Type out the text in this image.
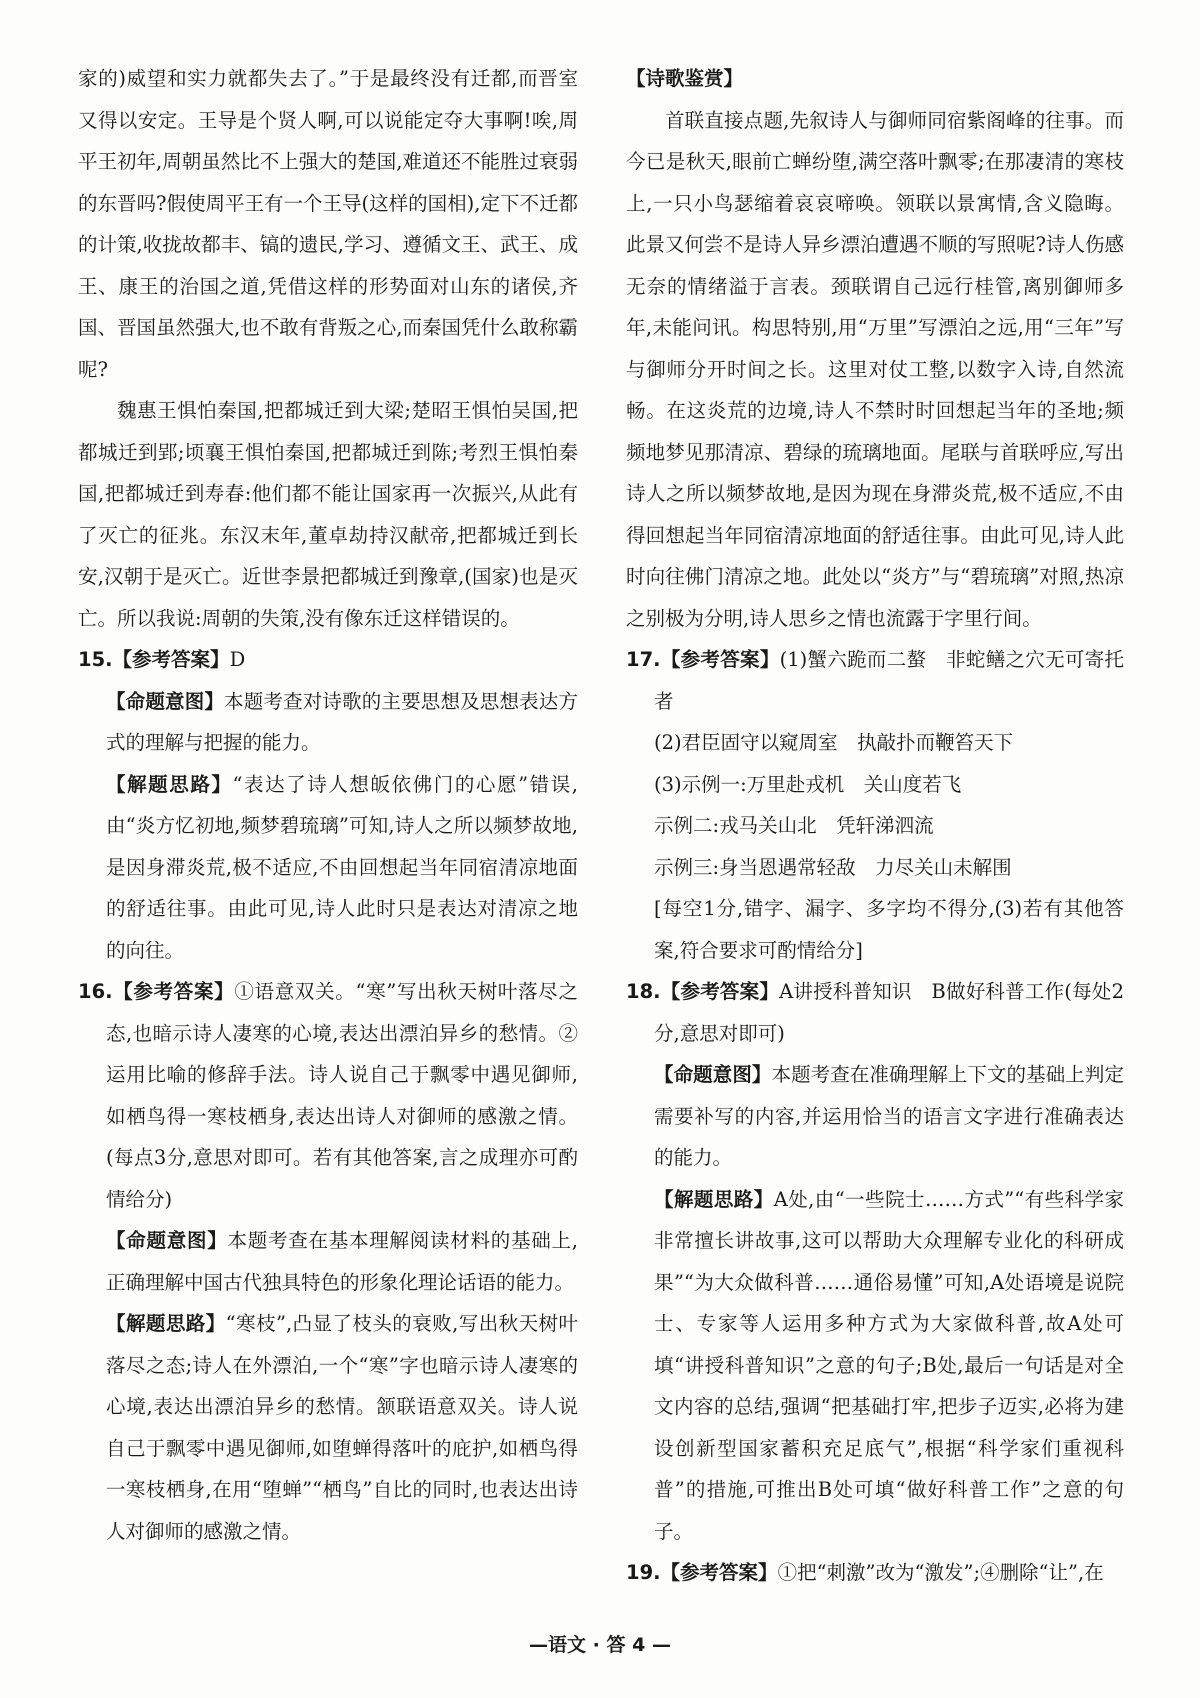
家的)威望和实力就都失去了。”于是最终没有迁都,而晋室又得以安定。王导是个贤人啊,可以说能定夺大事啊!唉,周平王初年,周朝虽然比不上强大的楚国,难道还不能胜过衰弱的东晋吗?假使周平王有一个王导(这样的国相),定下不迁都的计策,收拢故都丰、镐的遗民,学习、遵循文王、武王、成王、康王的治国之道,凭借这样的形势面对山东的诸侯,齐国、晋国虽然强大,也不敢有背叛之心,而秦国凭什么敢称霸呢?

魏惠王惧怕秦国,把都城迁到大梁;楚昭王惧怕吴国,把都城迁到郢;顷襄王惧怕秦国,把都城迁到陈;考烈王惧怕秦国,把都城迁到寿春:他们都不能让国家再一次振兴,从此有了灭亡的征兆。东汉末年,董卓劫持汉献帝,把都城迁到长安,汉朝于是灭亡。近世李景把都城迁到豫章,(国家)也是灭亡。所以我说:周朝的失策,没有像东迁这样错误的。

15.【参考答案】D

【命题意图】本题考查对诗歌的主要思想及思想表达方式的理解与把握的能力。

【解题思路】“表达了诗人想皈依佛门的心愿”错误,由“炎方忆初地,频梦碧琉璃”可知,诗人之所以频梦故地,是因身滞炎荒,极不适应,不由回想起当年同宿清凉地面的舒适往事。由此可见,诗人此时只是表达对清凉之地的向往。

16.【参考答案】①语意双关。“寒”写出秋天树叶落尽之态,也暗示诗人凄寒的心境,表达出漂泊异乡的愁情。②运用比喻的修辞手法。诗人说自己于飘零中遇见御师,如栖鸟得一寒枝栖身,表达出诗人对御师的感激之情。(每点3分,意思对即可。若有其他答案,言之成理亦可酌情给分)

【命题意图】本题考查在基本理解阅读材料的基础上,正确理解中国古代独具特色的形象化理论话语的能力。

【解题思路】“寒枝”,凸显了枝头的衰败,写出秋天树叶落尽之态;诗人在外漂泊,一个“寒”字也暗示诗人凄寒的心境,表达出漂泊异乡的愁情。颔联语意双关。诗人说自己于飘零中遇见御师,如堕蝉得落叶的庇护,如栖鸟得一寒枝栖身,在用“堕蝉”“栖鸟”自比的同时,也表达出诗人对御师的感激之情。

【诗歌鉴赏】

首联直接点题,先叙诗人与御师同宿紫阁峰的往事。而今已是秋天,眼前亡蝉纷堕,满空落叶飘零;在那凄清的寒枝上,一只小鸟瑟缩着哀哀啼唤。领联以景寓情,含义隐晦。此景又何尝不是诗人异乡漂泊遭遇不顺的写照呢?诗人伤感无奈的情绪溢于言表。颈联谓自己远行桂管,离别御师多年,未能问讯。构思特别,用“万里”写漂泊之远,用“三年”写与御师分开时间之长。这里对仗工整,以数字入诗,自然流畅。在这炎荒的边境,诗人不禁时时回想起当年的圣地;频频地梦见那清凉、碧绿的琉璃地面。尾联与首联呼应,写出诗人之所以频梦故地,是因为现在身滞炎荒,极不适应,不由得回想起当年同宿清凉地面的舒适往事。由此可见,诗人此时向往佛门清凉之地。此处以“炎方”与“碧琉璃”对照,热凉之别极为分明,诗人思乡之情也流露于字里行间。

17.【参考答案】(1)蟹六跪而二螯　非蛇鳝之穴无可寄托者

(2)君臣固守以窥周室　执敲扑而鞭笞天下

(3)示例一:万里赴戎机　关山度若飞

示例二:戎马关山北　凭轩涕泗流

示例三:身当恩遇常轻敌　力尽关山未解围

[每空1分,错字、漏字、多字均不得分,(3)若有其他答案,符合要求可酌情给分]

18.【参考答案】A讲授科普知识　B做好科普工作(每处2分,意思对即可)

【命题意图】本题考查在准确理解上下文的基础上判定需要补写的内容,并运用恰当的语言文字进行准确表达的能力。

【解题思路】A处,由“一些院士……方式”“有些科学家非常擅长讲故事,这可以帮助大众理解专业化的科研成果”“为大众做科普……通俗易懂”可知,A处语境是说院士、专家等人运用多种方式为大家做科普,故A处可填“讲授科普知识”之意的句子;B处,最后一句话是对全文内容的总结,强调“把基础打牢,把步子迈实,必将为建设创新型国家蓄积充足底气”,根据“科学家们重视科普”的措施,可推出B处可填“做好科普工作”之意的句子。

19.【参考答案】①把“刺激”改为“激发”;④删除“让”,在

—语文 · 答 4 —
